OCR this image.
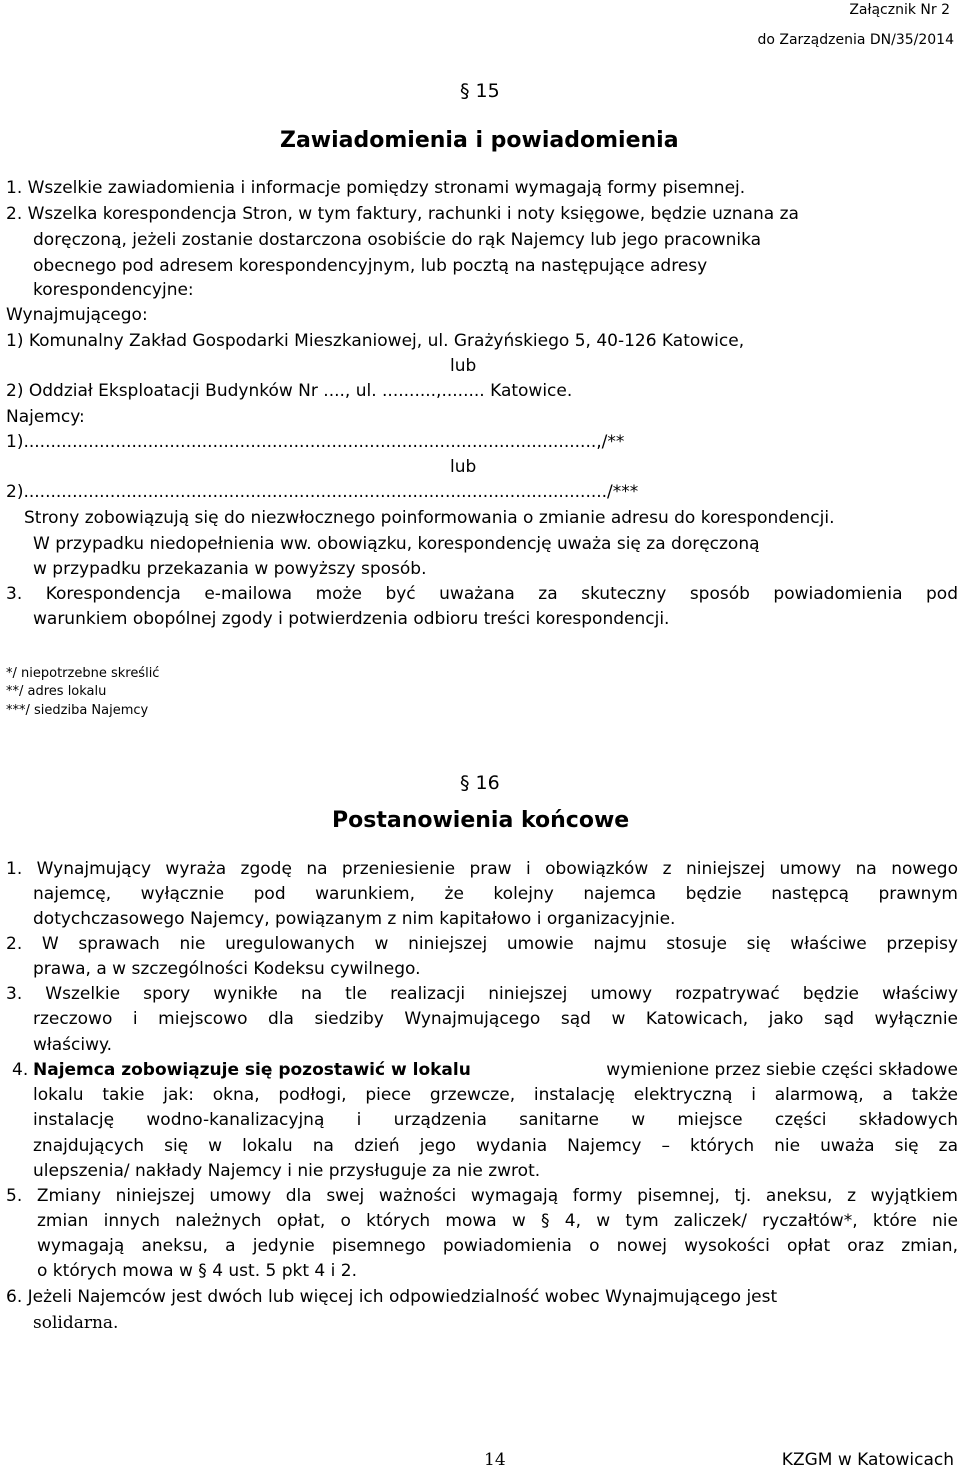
Załącznik Nr 2
do Zarządzenia DN/35/2014
§ 15
Zawiadomienia i powiadomienia
1. Wszelkie zawiadomienia i informacje pomiędzy stronami wymagają formy pisemnej.
2. Wszelka korespondencja Stron, w tym faktury, rachunki i noty księgowe, będzie uznana za
doręczoną, jeżeli zostanie dostarczona osobiście do rąk Najemcy lub jego pracownika
obecnego pod adresem korespondencyjnym, lub pocztą na następujące adresy
korespondencyjne:
Wynajmującego:
1) Komunalny Zakład Gospodarki Mieszkaniowej, ul. Grażyńskiego 5, 40-126 Katowice,
lub
2) Oddział Eksploatacji Budynków Nr ...., ul. ..........,........ Katowice.
Najemcy:
1)..........................................................................................................,/**
lub
2)............................................................................................................/***
Strony zobowiązują się do niezwłocznego poinformowania o zmianie adresu do korespondencji.
W przypadku niedopełnienia ww. obowiązku, korespondencję uważa się za doręczoną
w przypadku przekazania w powyższy sposób.
3. Korespondencja e-mailowa może być uważana za skuteczny sposób powiadomienia pod
warunkiem obopólnej zgody i potwierdzenia odbioru treści korespondencji.
*/ niepotrzebne skreślić
**/ adres lokalu
***/ siedziba Najemcy
§ 16
Postanowienia końcowe
1. Wynajmujący wyraża zgodę na przeniesienie praw i obowiązków z niniejszej umowy na nowego
najemcę, wyłącznie pod warunkiem, że kolejny najemca będzie następcą prawnym
dotychczasowego Najemcy, powiązanym z nim kapitałowo i organizacyjnie.
2. W sprawach nie uregulowanych w niniejszej umowie najmu stosuje się właściwe przepisy
prawa, a w szczególności Kodeksu cywilnego.
3. Wszelkie spory wynikłe na tle realizacji niniejszej umowy rozpatrywać będzie właściwy
rzeczowo i miejscowo dla siedziby Wynajmującego sąd w Katowicach, jako sąd wyłącznie
właściwy.
4. Najemca zobowiązuje się pozostawić w lokalu	wymienione przez siebie części składowe
lokalu takie jak: okna, podłogi, piece grzewcze, instalację elektryczną i alarmową, a także
instalację wodno-kanalizacyjną i urządzenia sanitarne w miejsce części składowych
znajdujących się w lokalu na dzień jego wydania Najemcy – których nie uważa się za
ulepszenia/ nakłady Najemcy i nie przysługuje za nie zwrot.
5. Zmiany niniejszej umowy dla swej ważności wymagają formy pisemnej, tj. aneksu, z wyjątkiem
zmian innych należnych opłat, o których mowa w § 4, w tym zaliczek/ ryczałtów*, które nie
wymagają aneksu, a jedynie pisemnego powiadomienia o nowej wysokości opłat oraz zmian,
o których mowa w § 4 ust. 5 pkt 4 i 2.
6. Jeżeli Najemców jest dwóch lub więcej ich odpowiedzialność wobec Wynajmującego jest
solidarna.
14	KZGM w Katowicach
